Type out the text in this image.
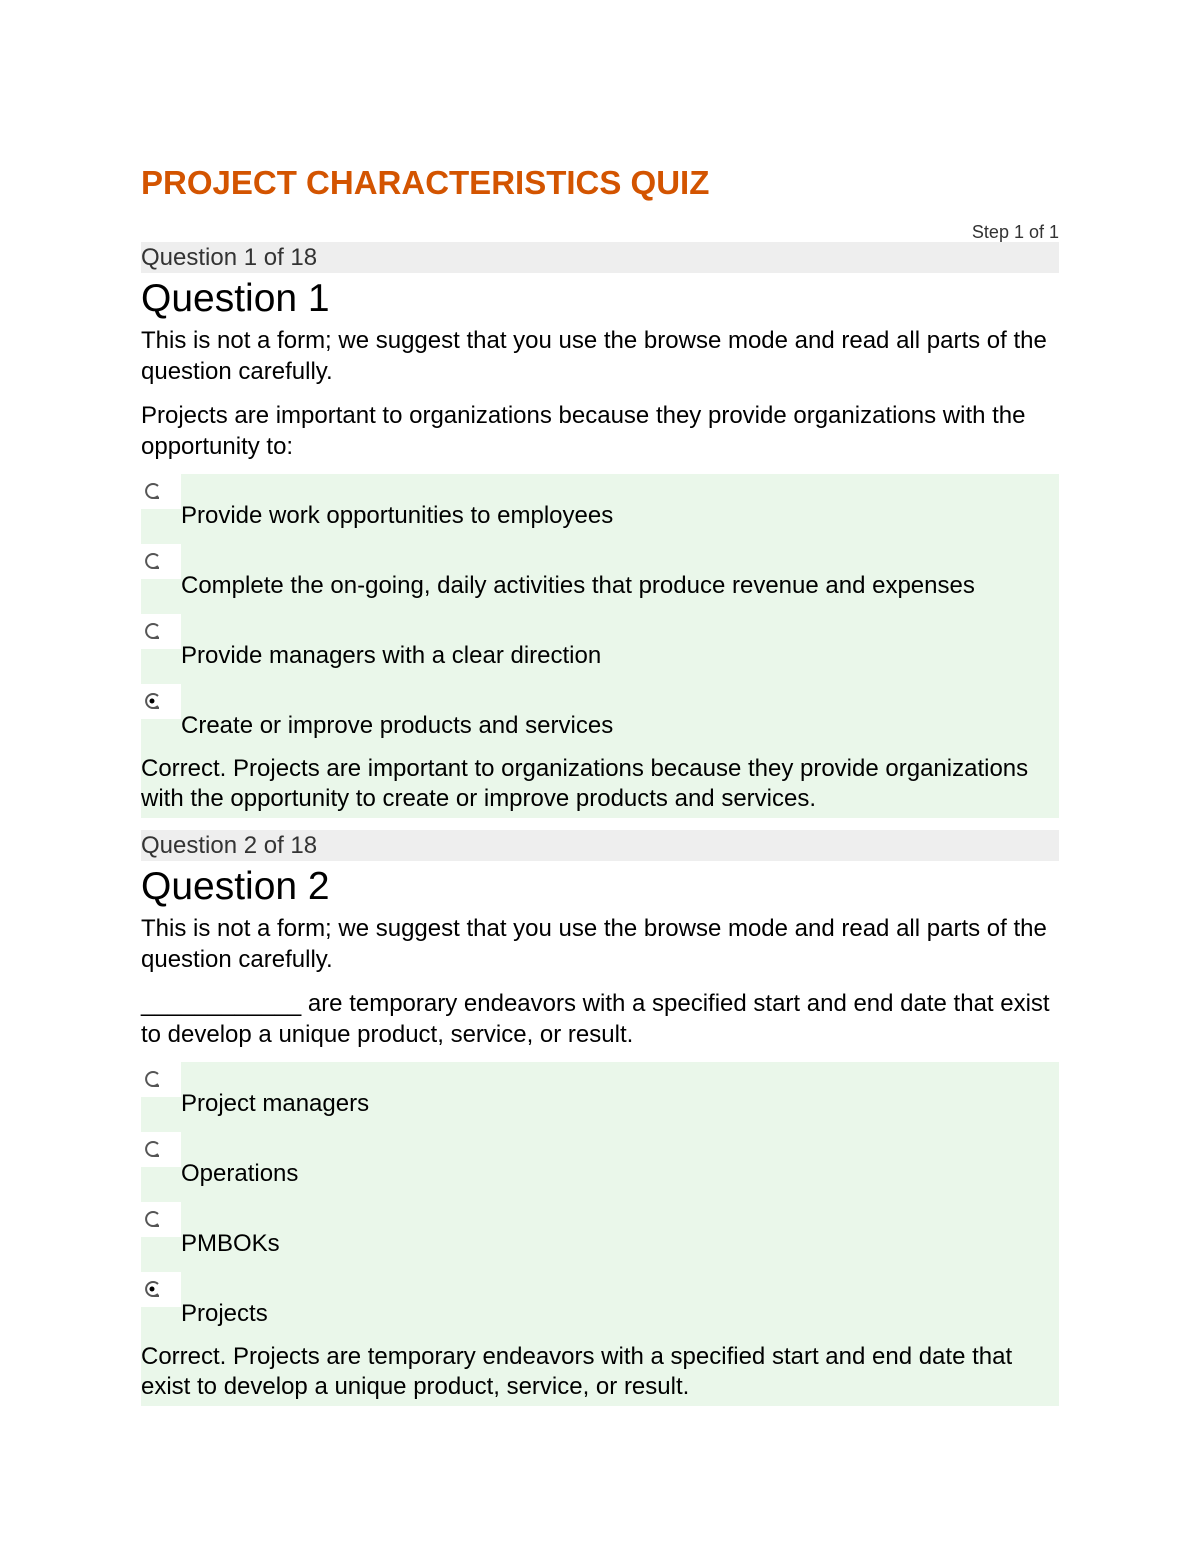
PROJECT CHARACTERISTICS QUIZ
Step 1 of 1
Question 1 of 18
Question 1
This is not a form; we suggest that you use the browse mode and read all parts of the question carefully.
Projects are important to organizations because they provide organizations with the opportunity to:
Provide work opportunities to employees
Complete the on-going, daily activities that produce revenue and expenses
Provide managers with a clear direction
Create or improve products and services
Correct. Projects are important to organizations because they provide organizations with the opportunity to create or improve products and services.
Question 2 of 18
Question 2
This is not a form; we suggest that you use the browse mode and read all parts of the question carefully.
____________ are temporary endeavors with a specified start and end date that exist to develop a unique product, service, or result.
Project managers
Operations
PMBOKs
Projects
Correct. Projects are temporary endeavors with a specified start and end date that exist to develop a unique product, service, or result.
